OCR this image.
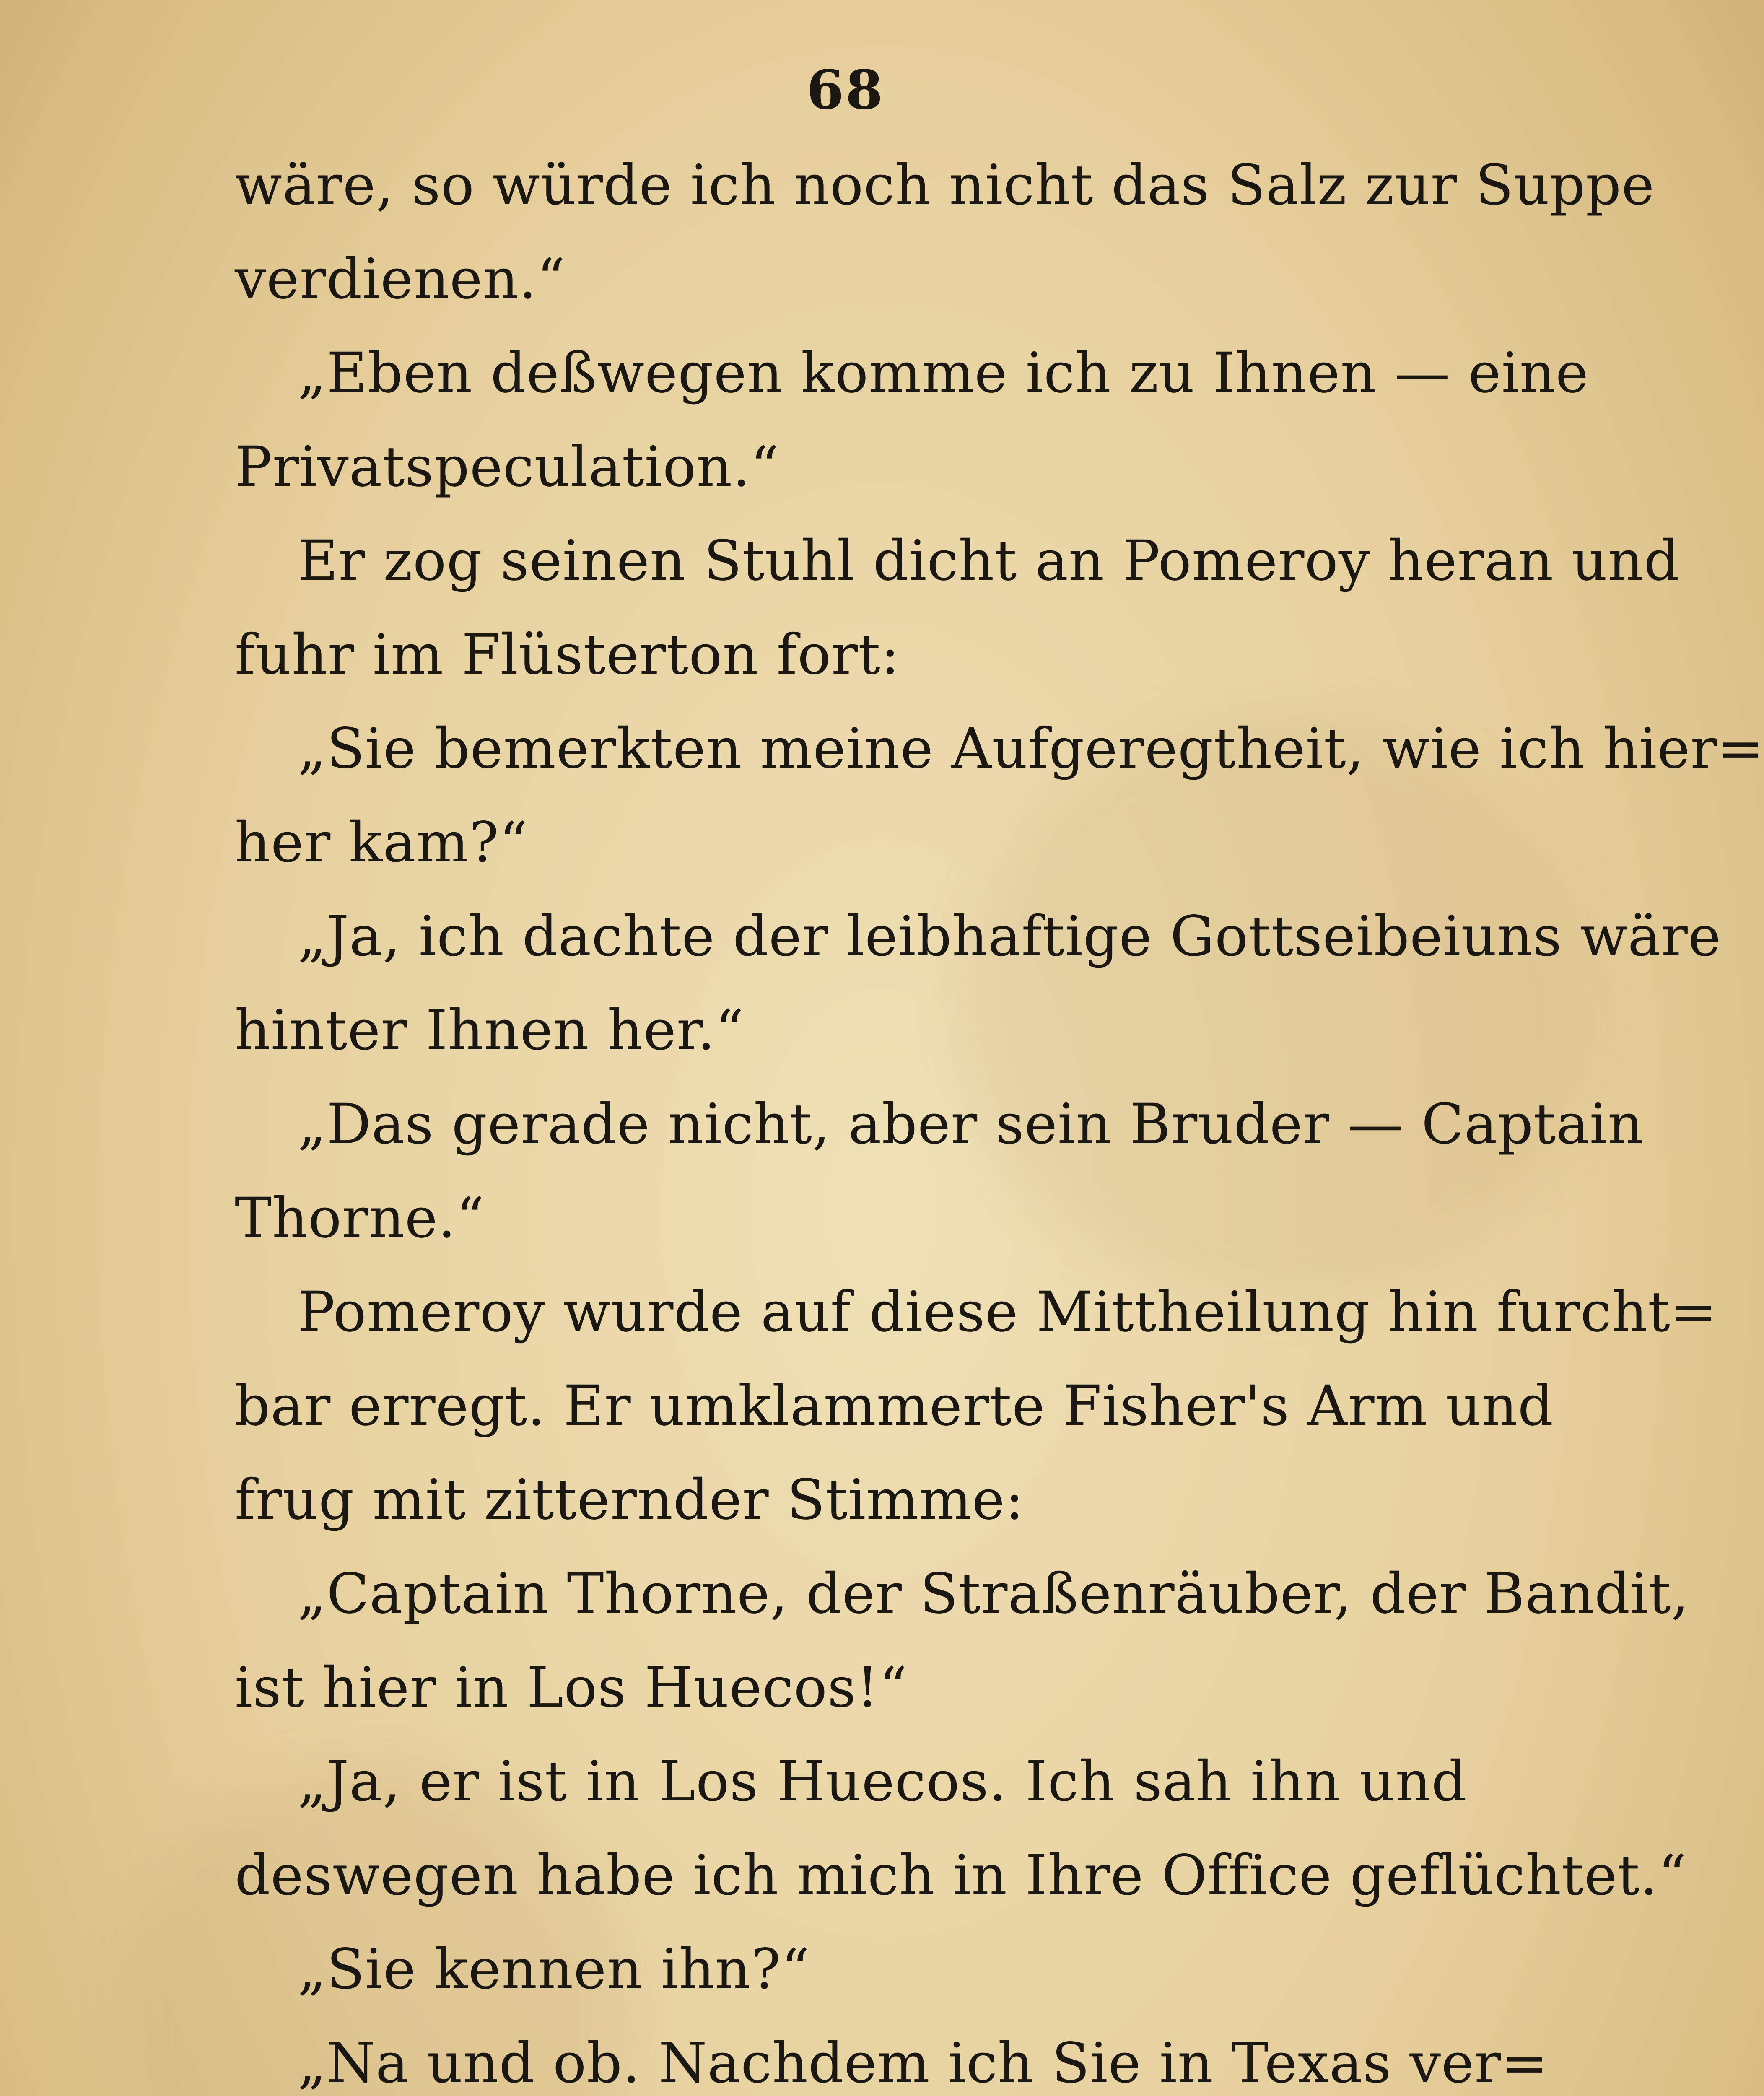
68
wäre, so würde ich noch nicht das Salz zur Suppe
verdienen.“
„Eben deßwegen komme ich zu Ihnen — eine
Privatspeculation.“
Er zog seinen Stuhl dicht an Pomeroy heran und
fuhr im Flüsterton fort:
„Sie bemerkten meine Aufgeregtheit, wie ich hier=
her kam?“
„Ja, ich dachte der leibhaftige Gottseibeiuns wäre
hinter Ihnen her.“
„Das gerade nicht, aber sein Bruder — Captain
Thorne.“
Pomeroy wurde auf diese Mittheilung hin furcht=
bar erregt. Er umklammerte Fisher's Arm und
frug mit zitternder Stimme:
„Captain Thorne, der Straßenräuber, der Bandit,
ist hier in Los Huecos!“
„Ja, er ist in Los Huecos. Ich sah ihn und
deswegen habe ich mich in Ihre Office geflüchtet.“
„Sie kennen ihn?“
„Na und ob. Nachdem ich Sie in Texas ver=
